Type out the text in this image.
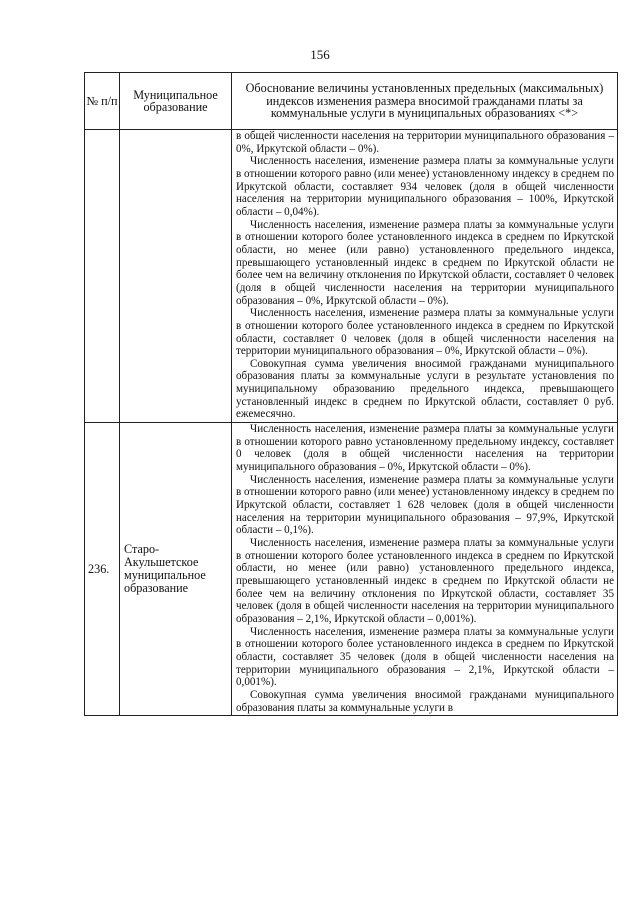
156
№ п/п	Муниципальное образование	Обоснование величины установленных предельных (максимальных) индексов изменения размера вносимой гражданами платы за коммунальные услуги в муниципальных образованиях <*>

		в общей численности населения на территории муниципального образования – 0%, Иркутской области – 0%).

Численность населения, изменение размера платы за коммунальные услуги в отношении которого равно (или менее) установленному индексу в среднем по Иркутской области, составляет 934 человек (доля в общей численности населения на территории муниципального образования – 100%, Иркутской области – 0,04%).

Численность населения, изменение размера платы за коммунальные услуги в отношении которого более установленного индекса в среднем по Иркутской области, но менее (или равно) установленного предельного индекса, превышающего установленный индекс в среднем по Иркутской области не более чем на величину отклонения по Иркутской области, составляет 0 человек (доля в общей численности населения на территории муниципального образования – 0%, Иркутской области – 0%).

Численность населения, изменение размера платы за коммунальные услуги в отношении которого более установленного индекса в среднем по Иркутской области, составляет 0 человек (доля в общей численности населения на территории муниципального образования – 0%, Иркутской области – 0%).

Совокупная сумма увеличения вносимой гражданами муниципального образования платы за коммунальные услуги в результате установления по муниципальному образованию предельного индекса, превышающего установленный индекс в среднем по Иркутской области, составляет 0 руб. ежемесячно.

236.	Старо-Акульшетское муниципальное образование	Численность населения, изменение размера платы за коммунальные услуги в отношении которого равно установленному предельному индексу, составляет 0 человек (доля в общей численности населения на территории муниципального образования – 0%, Иркутской области – 0%).

Численность населения, изменение размера платы за коммунальные услуги в отношении которого равно (или менее) установленному индексу в среднем по Иркутской области, составляет 1 628 человек (доля в общей численности населения на территории муниципального образования – 97,9%, Иркутской области – 0,1%).

Численность населения, изменение размера платы за коммунальные услуги в отношении которого более установленного индекса в среднем по Иркутской области, но менее (или равно) установленного предельного индекса, превышающего установленный индекс в среднем по Иркутской области не более чем на величину отклонения по Иркутской области, составляет 35 человек (доля в общей численности населения на территории муниципального образования – 2,1%, Иркутской области – 0,001%).

Численность населения, изменение размера платы за коммунальные услуги в отношении которого более установленного индекса в среднем по Иркутской области, составляет 35 человек (доля в общей численности населения на территории муниципального образования – 2,1%, Иркутской области – 0,001%).

Совокупная сумма увеличения вносимой гражданами муниципального образования платы за коммунальные услуги в
